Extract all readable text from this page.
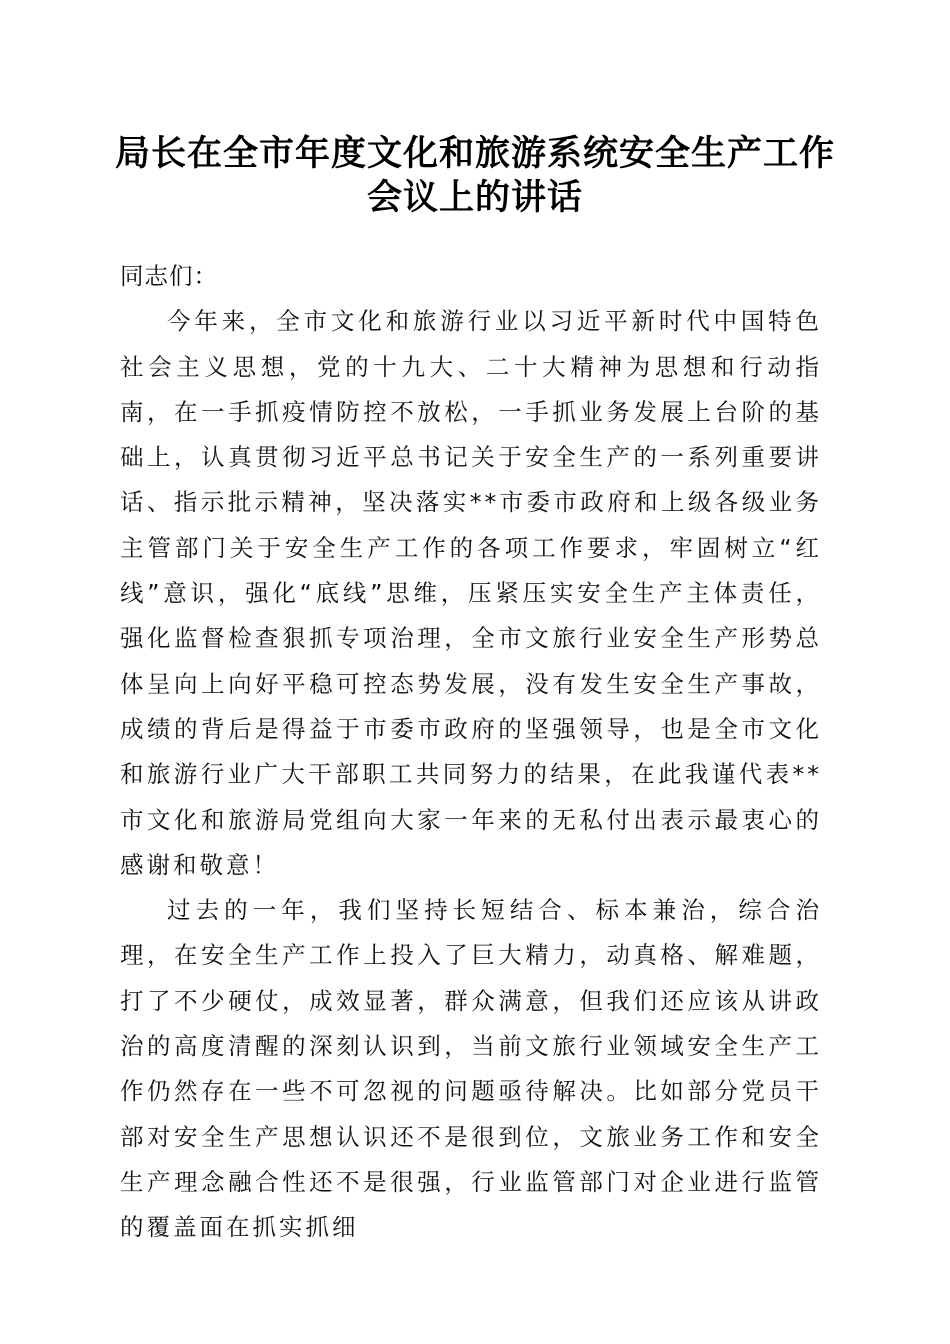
局长在全市年度文化和旅游系统安全生产工作
会议上的讲话

同志们：

今年来，全市文化和旅游行业以习近平新时代中国特色社会主义思想，党的十九大、二十大精神为思想和行动指南，在一手抓疫情防控不放松，一手抓业务发展上台阶的基础上，认真贯彻习近平总书记关于安全生产的一系列重要讲话、指示批示精神，坚决落实**市委市政府和上级各级业务主管部门关于安全生产工作的各项工作要求，牢固树立“红线”意识，强化“底线”思维，压紧压实安全生产主体责任，强化监督检查狠抓专项治理，全市文旅行业安全生产形势总体呈向上向好平稳可控态势发展，没有发生安全生产事故，成绩的背后是得益于市委市政府的坚强领导，也是全市文化和旅游行业广大干部职工共同努力的结果，在此我谨代表**市文化和旅游局党组向大家一年来的无私付出表示最衷心的感谢和敬意！

过去的一年，我们坚持长短结合、标本兼治，综合治理，在安全生产工作上投入了巨大精力，动真格、解难题，打了不少硬仗，成效显著，群众满意，但我们还应该从讲政治的高度清醒的深刻认识到，当前文旅行业领域安全生产工作仍然存在一些不可忽视的问题亟待解决。比如部分党员干部对安全生产思想认识还不是很到位，文旅业务工作和安全生产理念融合性还不是很强，行业监管部门对企业进行监管的覆盖面在抓实抓细
